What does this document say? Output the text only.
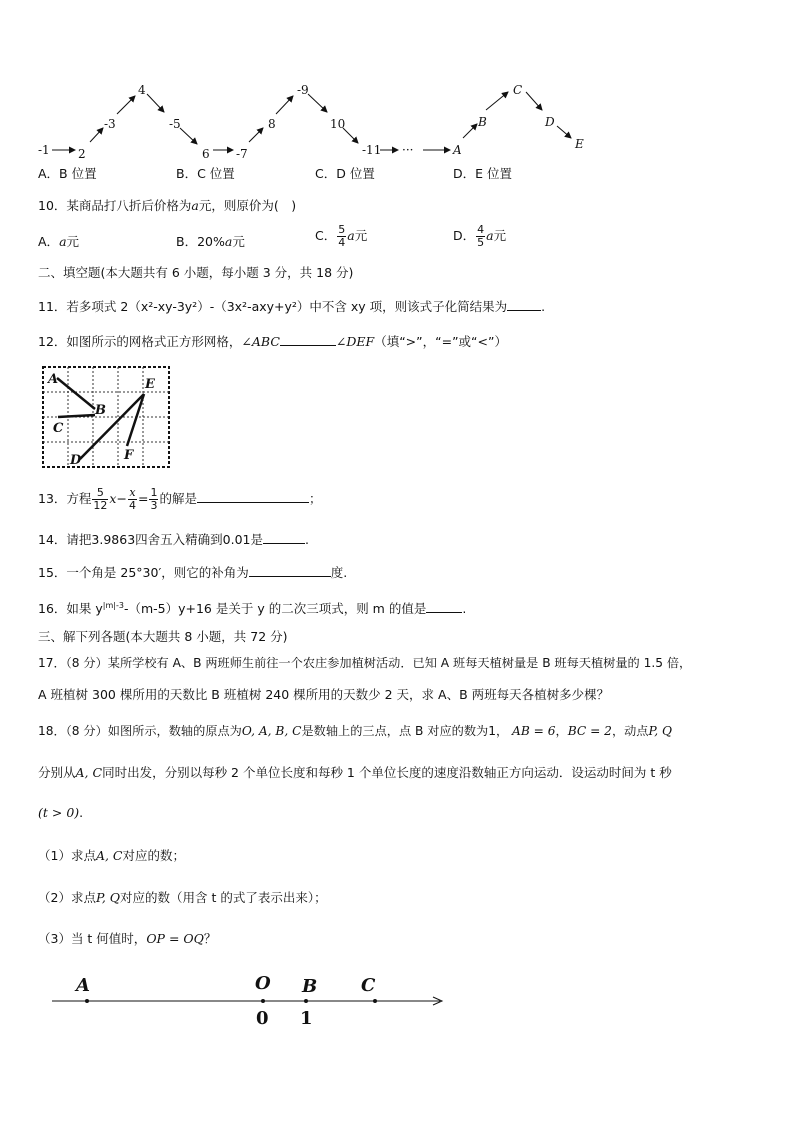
-1 2
-3
4
-5
6 -7
8
-9
10
-11 ···	A
B
C
D
E
A．B 位置	B．C 位置	C．D 位置	D．E 位置
10．某商品打八折后价格为a元，则原价为(　)
A．a元	B．20%a元	C． $\frac{5}{4}$ a元	D． $\frac{4}{5}$ a元
二、填空题(本大题共有 6 小题，每小题 3 分，共 18 分)
11．若多项式 2（x²-xy-3y²）-（3x²-axy+y²）中不含 xy 项，则该式子化简结果为	.
12．如图所示的网格式正方形网格，∠ABC	∠DEF（填“>”，“=”或“<”）
A
B
C
D
E
F
13．方程 $\frac{5}{12} x- \frac{x}{4} = \frac{1}{3}$ 的解是	；
14．请把3.9863四舍五入精确到0.01是	.
15．一个角是 25°30′，则它的补角为	度.
16．如果 $y^{|m|-3}-(m-5)y+16$ 是关于 y 的二次三项式，则 m 的值是	.
三、解下列各题(本大题共 8 小题，共 72 分)
17．（8 分）某所学校有 A、B 两班师生前往一个农庄参加植树活动．已知 A 班每天植树量是 B 班每天植树量的 1.5 倍，
A 班植树 300 棵所用的天数比 B 班植树 240 棵所用的天数少 2 天，求 A、B 两班每天各植树多少棵？
18．（8 分）如图所示，数轴的原点为O, A, B, C是数轴上的三点，点 B 对应的数为1， AB = 6，BC = 2，动点P, Q
分别从A, C同时出发，分别以每秒 2 个单位长度和每秒 1 个单位长度的速度沿数轴正方向运动．设运动时间为 t 秒
(t > 0).
（1）求点A, C对应的数；
（2）求点P, Q对应的数（用含 t 的式了表示出来）；
（3）当 t 何值时，OP = OQ？
A	O B C
0 1
